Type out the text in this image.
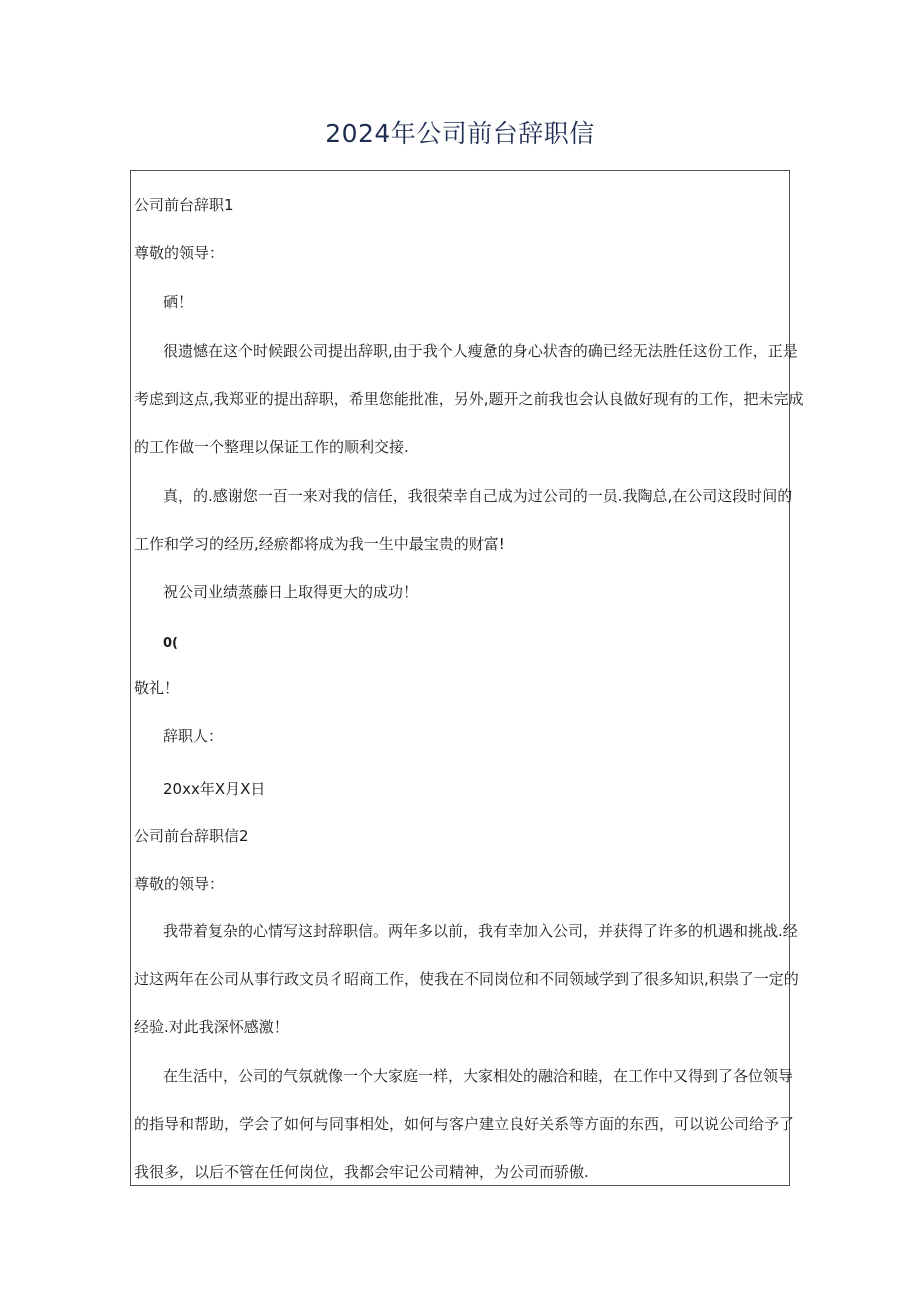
2024年公司前台辞职信
公司前台辞职1
尊敬的领导：
硒！
很遗憾在这个时候跟公司提出辞职,由于我个人瘦惫的身心状杳的确已经无法胜任这份工作，正是
考虑到这点,我郑亚的提出辞职，希里您能批准，另外,题开之前我也会认良做好现有的工作，把未完成
的工作做一个整理以保证工作的顺利交接.
真，的.感谢您一百一来对我的信任，我很荣幸自己成为过公司的一员.我陶总,在公司这段时间的
工作和学习的经历,经瘀都将成为我一生中最宝贵的财富!
祝公司业绩蒸藤日上取得更大的成功！
0(
敬礼！
辞职人：
20xx年X月X日
公司前台辞职信2
尊敬的领导：
我带着复杂的心情写这封辞职信。两年多以前，我有幸加入公司，并获得了许多的机遇和挑战.经
过这两年在公司从事行政文员彳昭商工作，使我在不同岗位和不同领域学到了很多知识,积祟了一定的
经验.对此我深怀感激！
在生活中，公司的气氛就像一个大家庭一样，大家相处的融洽和睦，在工作中又得到了各位领导
的指导和帮助，学会了如何与同事相处，如何与客户建立良好关系等方面的东西，可以说公司给予了
我很多，以后不管在任何岗位，我都会牢记公司精神，为公司而骄傲.
